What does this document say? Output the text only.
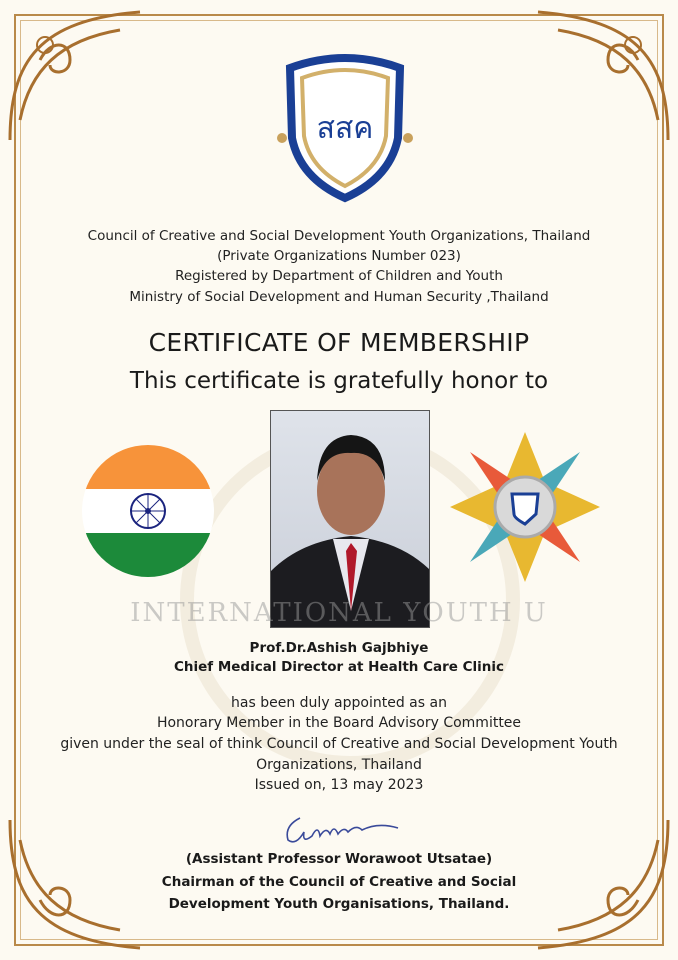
สสค
Council of Creative and Social Development Youth Organizations, Thailand
(Private Organizations Number 023)
Registered by Department of Children and Youth
Ministry of Social Development and Human Security ,Thailand
CERTIFICATE OF MEMBERSHIP
This certificate is gratefully honor to
INTERNATIONAL YOUTH U
Prof.Dr.Ashish Gajbhiye
Chief Medical Director at Health Care Clinic
has been duly appointed as an
Honorary Member in the Board Advisory Committee
given under the seal of think Council of Creative and Social Development Youth
Organizations, Thailand
Issued on, 13 may 2023
(Assistant Professor Worawoot Utsatae)
Chairman of the Council of Creative and Social
Development Youth Organisations, Thailand.
